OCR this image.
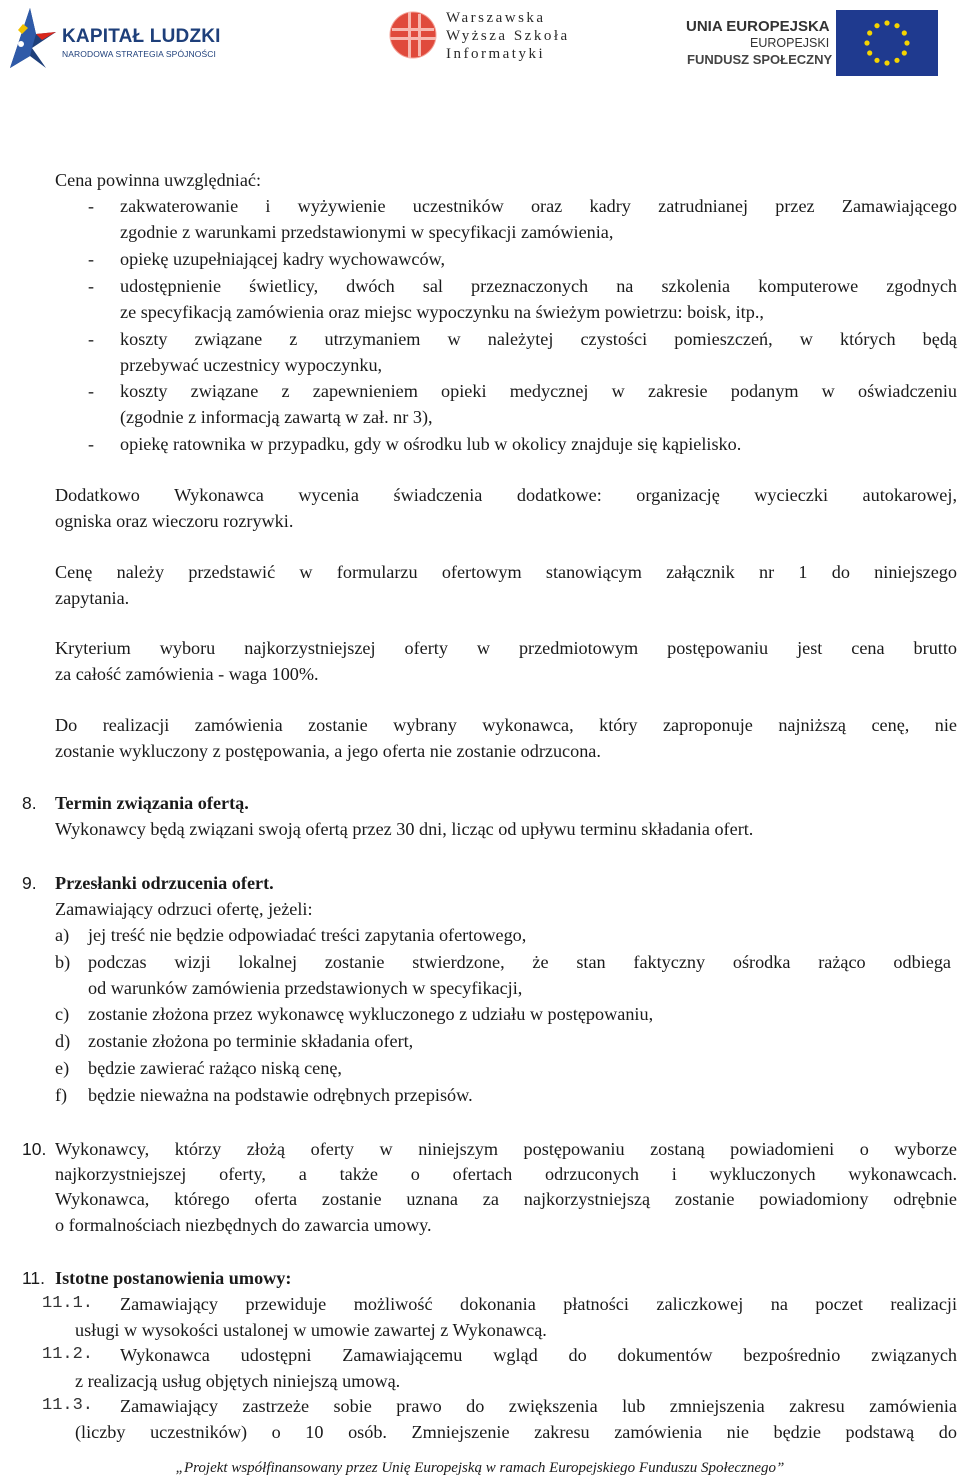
KAPITAŁ LUDZKI
NARODOWA STRATEGIA SPÓJNOŚCI
Warszawska
Wyższa Szkoła
Informatyki
UNIA EUROPEJSKA
EUROPEJSKI
FUNDUSZ SPOŁECZNY
Cena powinna uwzględniać:
- zakwaterowanie i wyżywienie uczestników oraz kadry zatrudnianej przez Zamawiającego
zgodnie z warunkami przedstawionymi w specyfikacji zamówienia,
- opiekę uzupełniającej kadry wychowawców,
- udostępnienie świetlicy, dwóch sal przeznaczonych na szkolenia komputerowe zgodnych
ze specyfikacją zamówienia oraz miejsc wypoczynku na świeżym powietrzu: boisk, itp.,
- koszty związane z utrzymaniem w należytej czystości pomieszczeń, w których będą
przebywać uczestnicy wypoczynku,
- koszty związane z zapewnieniem opieki medycznej w zakresie podanym w oświadczeniu
(zgodnie z informacją zawartą w zał. nr 3),
- opiekę ratownika w przypadku, gdy w ośrodku lub w okolicy znajduje się kąpielisko.
Dodatkowo Wykonawca wycenia świadczenia dodatkowe: organizację wycieczki autokarowej,
ogniska oraz wieczoru rozrywki.
Cenę należy przedstawić w formularzu ofertowym stanowiącym załącznik nr 1 do niniejszego
zapytania.
Kryterium wyboru najkorzystniejszej oferty w przedmiotowym postępowaniu jest cena brutto
za całość zamówienia - waga 100%.
Do realizacji zamówienia zostanie wybrany wykonawca, który zaproponuje najniższą cenę, nie
zostanie wykluczony z postępowania, a jego oferta nie zostanie odrzucona.
8. Termin związania ofertą.
Wykonawcy będą związani swoją ofertą przez 30 dni, licząc od upływu terminu składania ofert.
9. Przesłanki odrzucenia ofert.
Zamawiający odrzuci ofertę, jeżeli:
a) jej treść nie będzie odpowiadać treści zapytania ofertowego,
b) podczas wizji lokalnej zostanie stwierdzone, że stan faktyczny ośrodka rażąco odbiega
od warunków zamówienia przedstawionych w specyfikacji,
c) zostanie złożona przez wykonawcę wykluczonego z udziału w postępowaniu,
d) zostanie złożona po terminie składania ofert,
e) będzie zawierać rażąco niską cenę,
f) będzie nieważna na podstawie odrębnych przepisów.
10. Wykonawcy, którzy złożą oferty w niniejszym postępowaniu zostaną powiadomieni o wyborze
najkorzystniejszej oferty, a także o ofertach odrzuconych i wykluczonych wykonawcach.
Wykonawca, którego oferta zostanie uznana za najkorzystniejszą zostanie powiadomiony odrębnie
o formalnościach niezbędnych do zawarcia umowy.
11. Istotne postanowienia umowy:
11.1. Zamawiający przewiduje możliwość dokonania płatności zaliczkowej na poczet realizacji
usługi w wysokości ustalonej w umowie zawartej z Wykonawcą.
11.2. Wykonawca udostępni Zamawiającemu wgląd do dokumentów bezpośrednio związanych
z realizacją usług objętych niniejszą umową.
11.3. Zamawiający zastrzeże sobie prawo do zwiększenia lub zmniejszenia zakresu zamówienia
(liczby uczestników) o 10 osób. Zmniejszenie zakresu zamówienia nie będzie podstawą do
„Projekt współfinansowany przez Unię Europejską w ramach Europejskiego Funduszu Społecznego”
